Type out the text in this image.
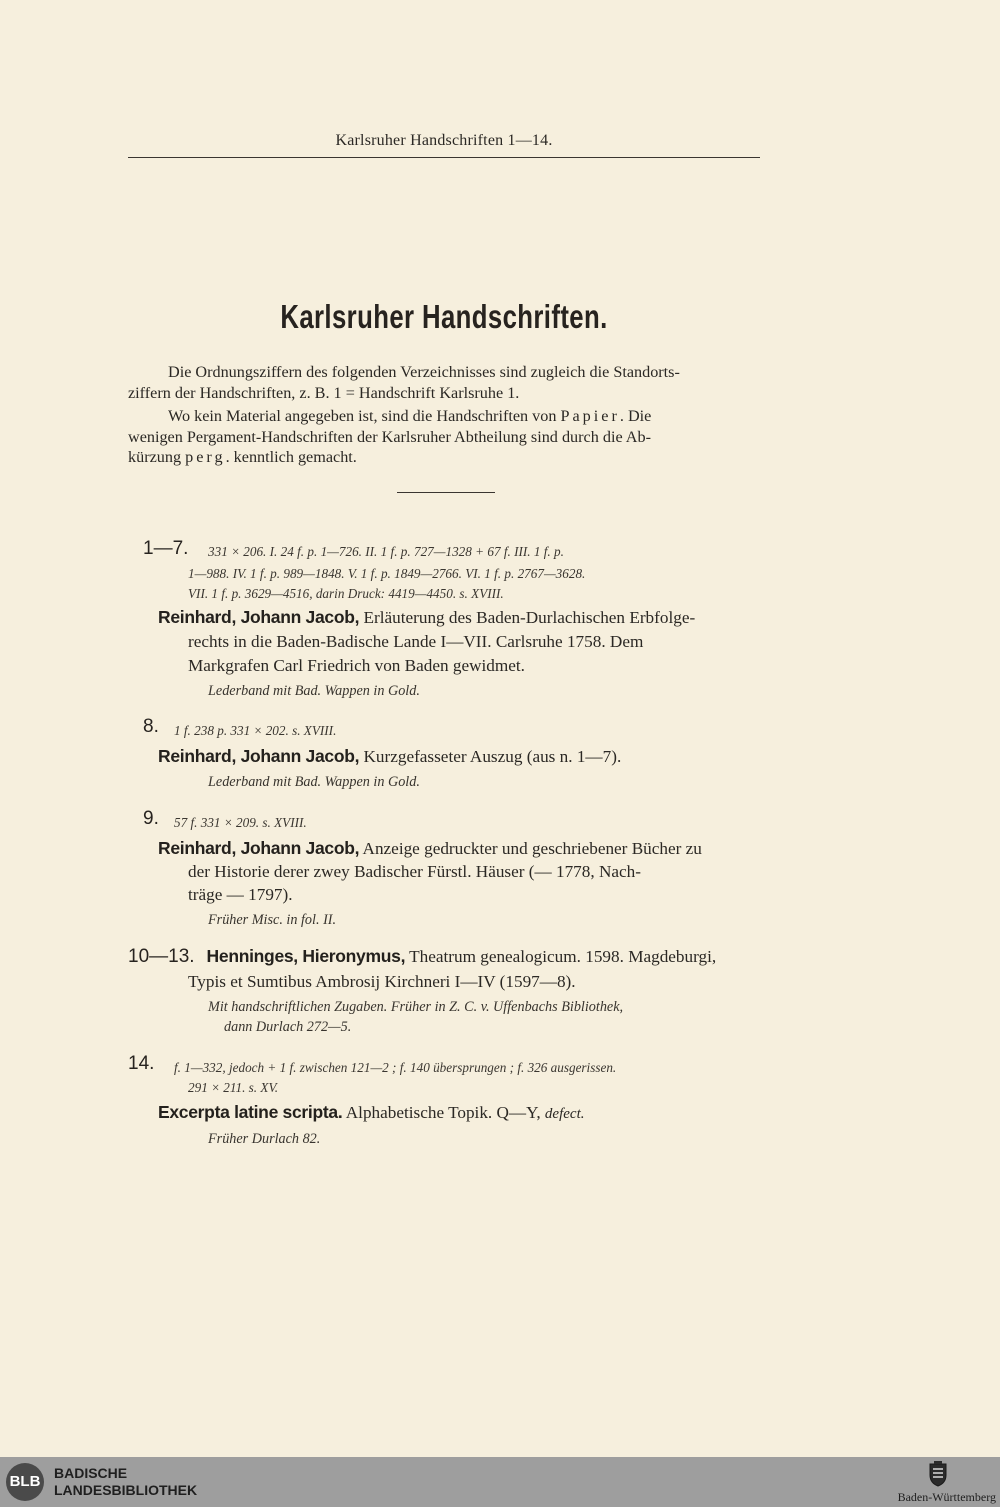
Karlsruher Handschriften 1—14.
Karlsruher Handschriften.

Die Ordnungsziffern des folgenden Verzeichnisses sind zugleich die Standorts-
ziffern der Handschriften, z. B. 1 = Handschrift Karlsruhe 1.

Wo kein Material angegeben ist, sind die Handschriften von Papier. Die
wenigen Pergament-Handschriften der Karlsruher Abtheilung sind durch die Ab-
kürzung perg. kenntlich gemacht.

1—7. 331 × 206. I. 24 f. p. 1—726. II. 1 f. p. 727—1328 + 67 f. III. 1 f. p.
1—988. IV. 1 f. p. 989—1848. V. 1 f. p. 1849—2766. VI. 1 f. p. 2767—3628.
VII. 1 f. p. 3629—4516, darin Druck: 4419—4450. s. XVIII.
Reinhard, Johann Jacob, Erläuterung des Baden-Durlachischen Erbfolge-
rechts in die Baden-Badische Lande I—VII. Carlsruhe 1758. Dem
Markgrafen Carl Friedrich von Baden gewidmet.
Lederband mit Bad. Wappen in Gold.
8. 1 f. 238 p. 331 × 202. s. XVIII.
Reinhard, Johann Jacob, Kurzgefasseter Auszug (aus n. 1—7).
Lederband mit Bad. Wappen in Gold.
9. 57 f. 331 × 209. s. XVIII.
Reinhard, Johann Jacob, Anzeige gedruckter und geschriebener Bücher zu
der Historie derer zwey Badischer Fürstl. Häuser (— 1778, Nach-
träge — 1797).
Früher Misc. in fol. II.
10—13. Henninges, Hieronymus, Theatrum genealogicum. 1598. Magdeburgi,
Typis et Sumtibus Ambrosij Kirchneri I—IV (1597—8).
Mit handschriftlichen Zugaben. Früher in Z. C. v. Uffenbachs Bibliothek,
dann Durlach 272—5.
14. f. 1—332, jedoch + 1 f. zwischen 121—2 ; f. 140 übersprungen ; f. 326 ausgerissen.
291 × 211. s. XV.
Excerpta latine scripta. Alphabetische Topik. Q—Y, defect.
Früher Durlach 82.
BLB BADISCHE
LANDESBIBLIOTHEK	Baden-Württemberg
